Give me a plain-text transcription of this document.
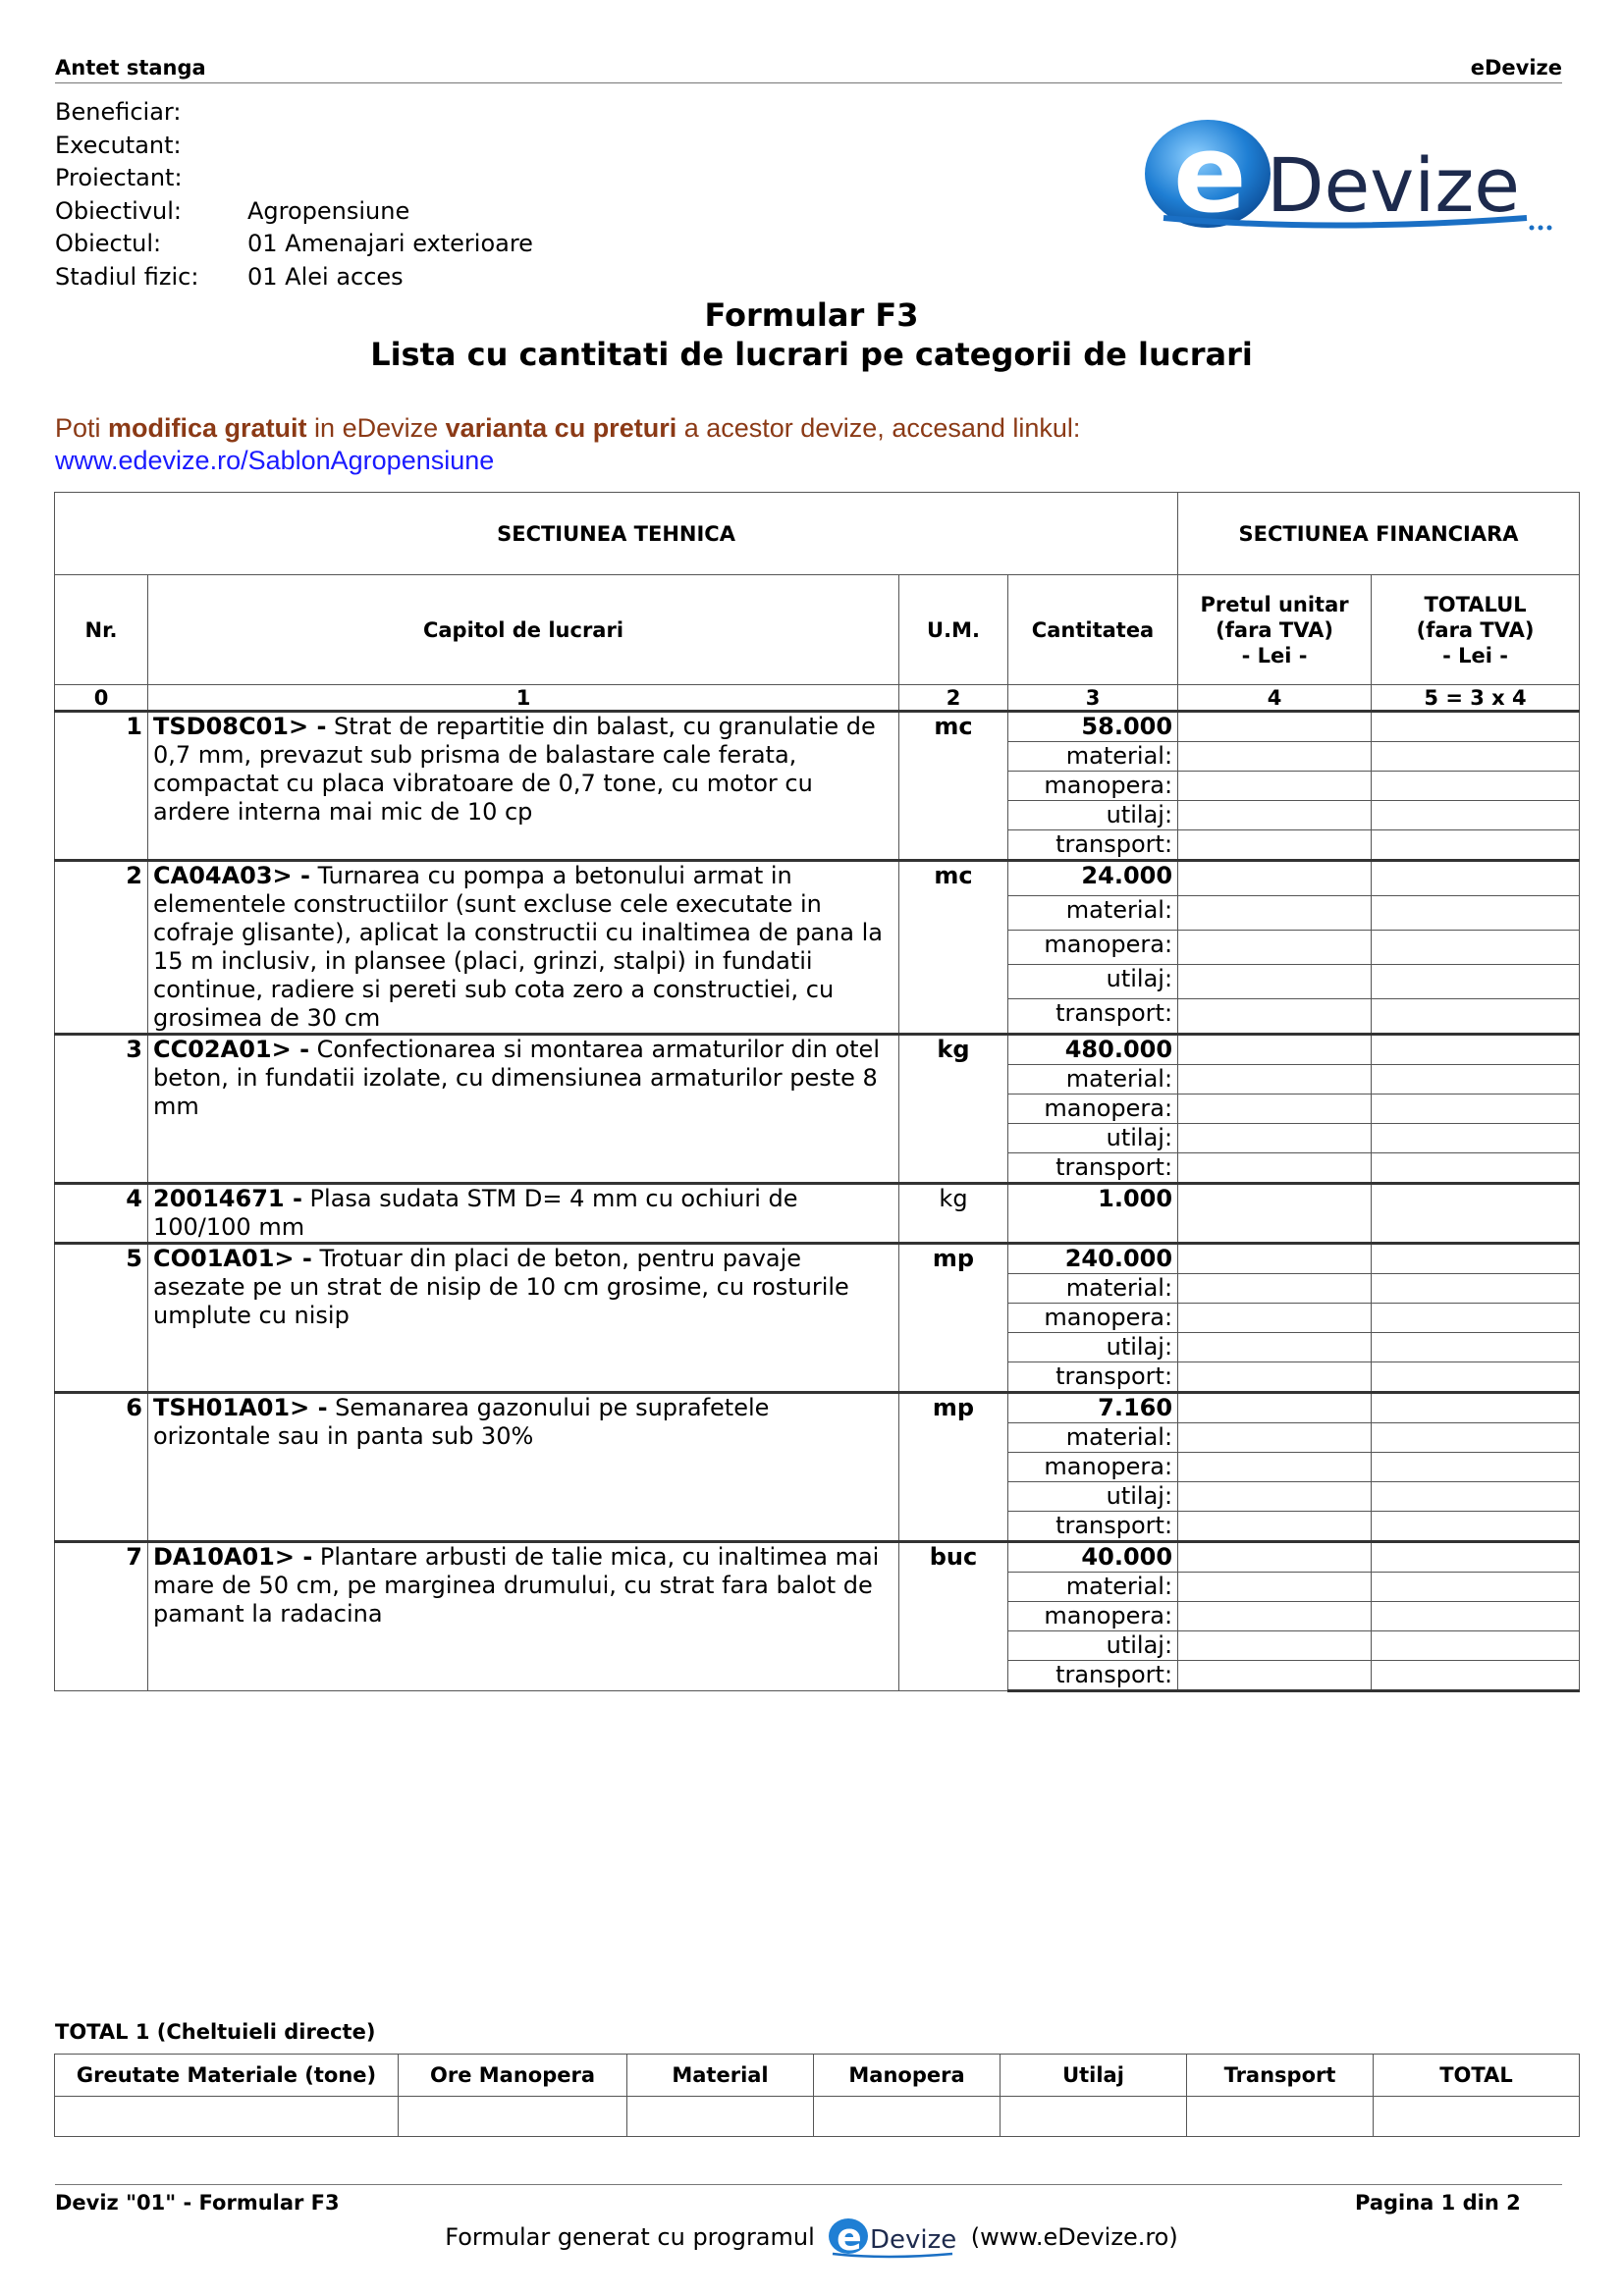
Antet stanga	eDevize
Beneficiar:
Executant:
Proiectant:
Obiectivul:	Agropensiune
Obiectul:	01 Amenajari exterioare
Stadiul fizic:	01 Alei acces
e Devize
Formular F3
Lista cu cantitati de lucrari pe categorii de lucrari
Poti modifica gratuit in eDevize varianta cu preturi a acestor devize, accesand linkul:
www.edevize.ro/SablonAgropensiune
SECTIUNEA TEHNICA				SECTIUNEA FINANCIARA	
Nr.	Capitol de lucrari	U.M.	Cantitatea	Pretul unitar
(fara TVA)
- Lei -	TOTALUL
(fara TVA)
- Lei -
0	1	2	3	4	5 = 3 x 4
1	TSD08C01> - Strat de repartitie din balast, cu granulatie de 0,7 mm, prevazut sub prisma de balastare cale ferata, compactat cu placa vibratoare de 0,7 tone, cu motor cu ardere interna mai mic de 10 cp	mc	58.000		
			material:		
			manopera:		
			utilaj:		
			transport:		
2	CA04A03> - Turnarea cu pompa a betonului armat in elementele constructiilor (sunt excluse cele executate in cofraje glisante), aplicat la constructii cu inaltimea de pana la 15 m inclusiv, in plansee (placi, grinzi, stalpi) in fundatii continue, radiere si pereti sub cota zero a constructiei, cu grosimea de 30 cm	mc	24.000		
			material:		
			manopera:		
			utilaj:		
			transport:		
3	CC02A01> - Confectionarea si montarea armaturilor din otel beton, in fundatii izolate, cu dimensiunea armaturilor peste 8 mm	kg	480.000		
			material:		
			manopera:		
			utilaj:		
			transport:		
4	20014671 - Plasa sudata STM D= 4 mm cu ochiuri de 100/100 mm	kg	1.000		
5	CO01A01> - Trotuar din placi de beton, pentru pavaje asezate pe un strat de nisip de 10 cm grosime, cu rosturile umplute cu nisip	mp	240.000		
			material:		
			manopera:		
			utilaj:		
			transport:		
6	TSH01A01> - Semanarea gazonului pe suprafetele orizontale sau in panta sub 30%	mp	7.160		
			material:		
			manopera:		
			utilaj:		
			transport:		
7	DA10A01> - Plantare arbusti de talie mica, cu inaltimea mai mare de 50 cm, pe marginea drumului, cu strat fara balot de pamant la radacina	buc	40.000		
			material:		
			manopera:		
			utilaj:		
			transport:		
TOTAL 1 (Cheltuieli directe)
Greutate Materiale (tone)	Ore Manopera	Material	Manopera	Utilaj	Transport	TOTAL

Deviz "01" - Formular F3	Pagina 1 din 2
Formular generat cu programul e Devize (www.eDevize.ro)
